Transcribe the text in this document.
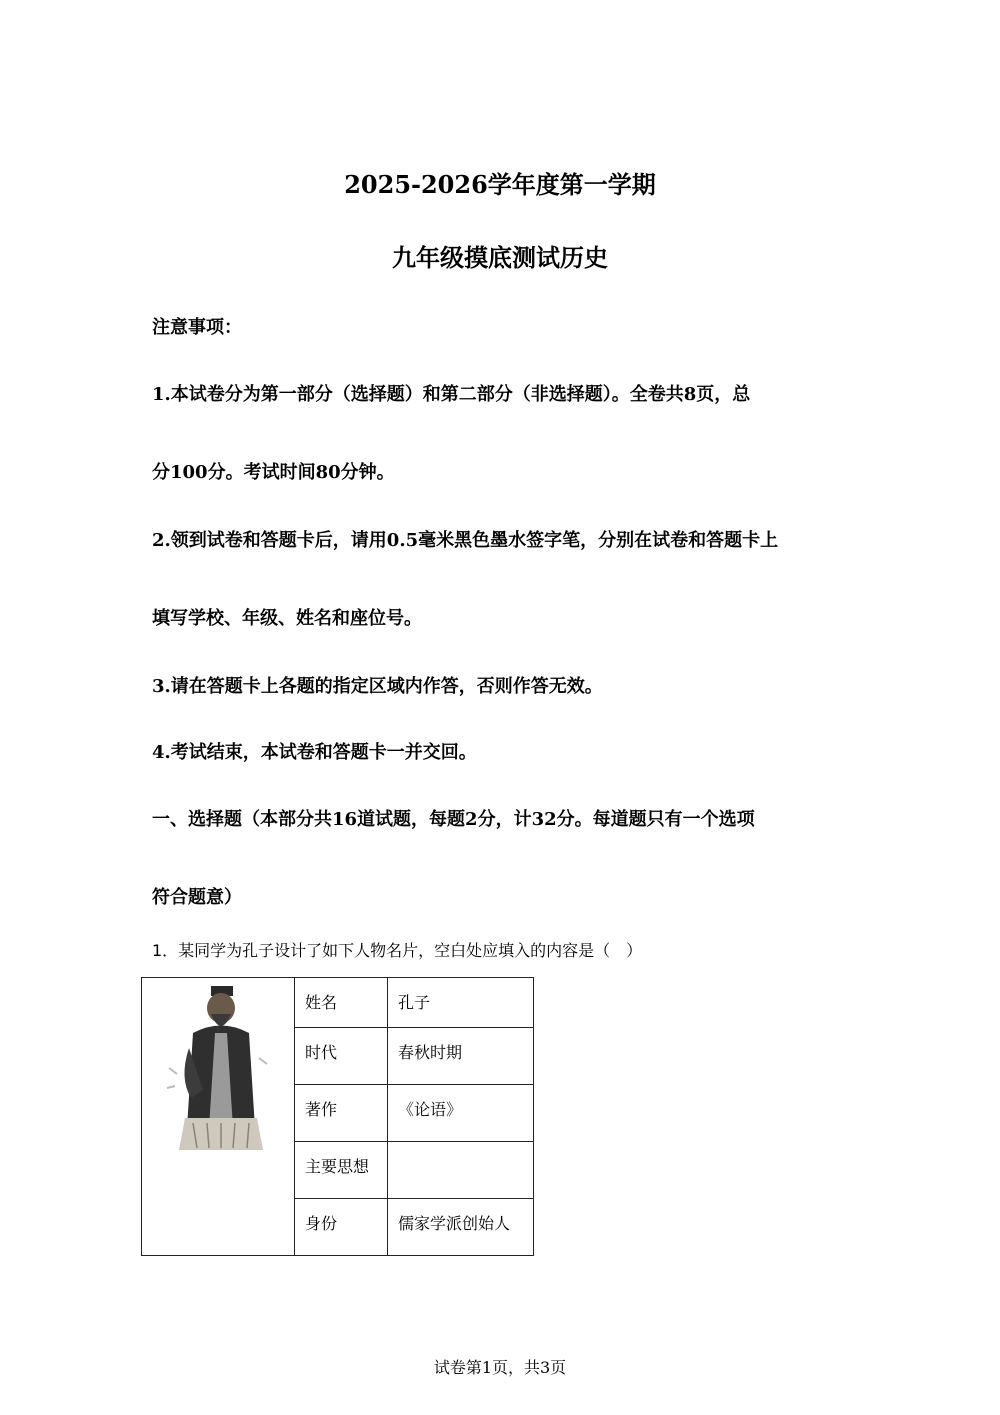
2025-2026学年度第一学期
九年级摸底测试历史
注意事项：
1.本试卷分为第一部分（选择题）和第二部分（非选择题）。全卷共8页，总
分100分。考试时间80分钟。
2.领到试卷和答题卡后，请用0.5毫米黑色墨水签字笔，分别在试卷和答题卡上
填写学校、年级、姓名和座位号。
3.请在答题卡上各题的指定区域内作答，否则作答无效。
4.考试结束，本试卷和答题卡一并交回。
一、选择题（本部分共16道试题，每题2分，计32分。每道题只有一个选项
符合题意）
1．某同学为孔子设计了如下人物名片，空白处应填入的内容是（　）

姓名	孔子

	时代	春秋时期

	著作	《论语》

	主要思想	

	身份	儒家学派创始人
试卷第1页，共3页
